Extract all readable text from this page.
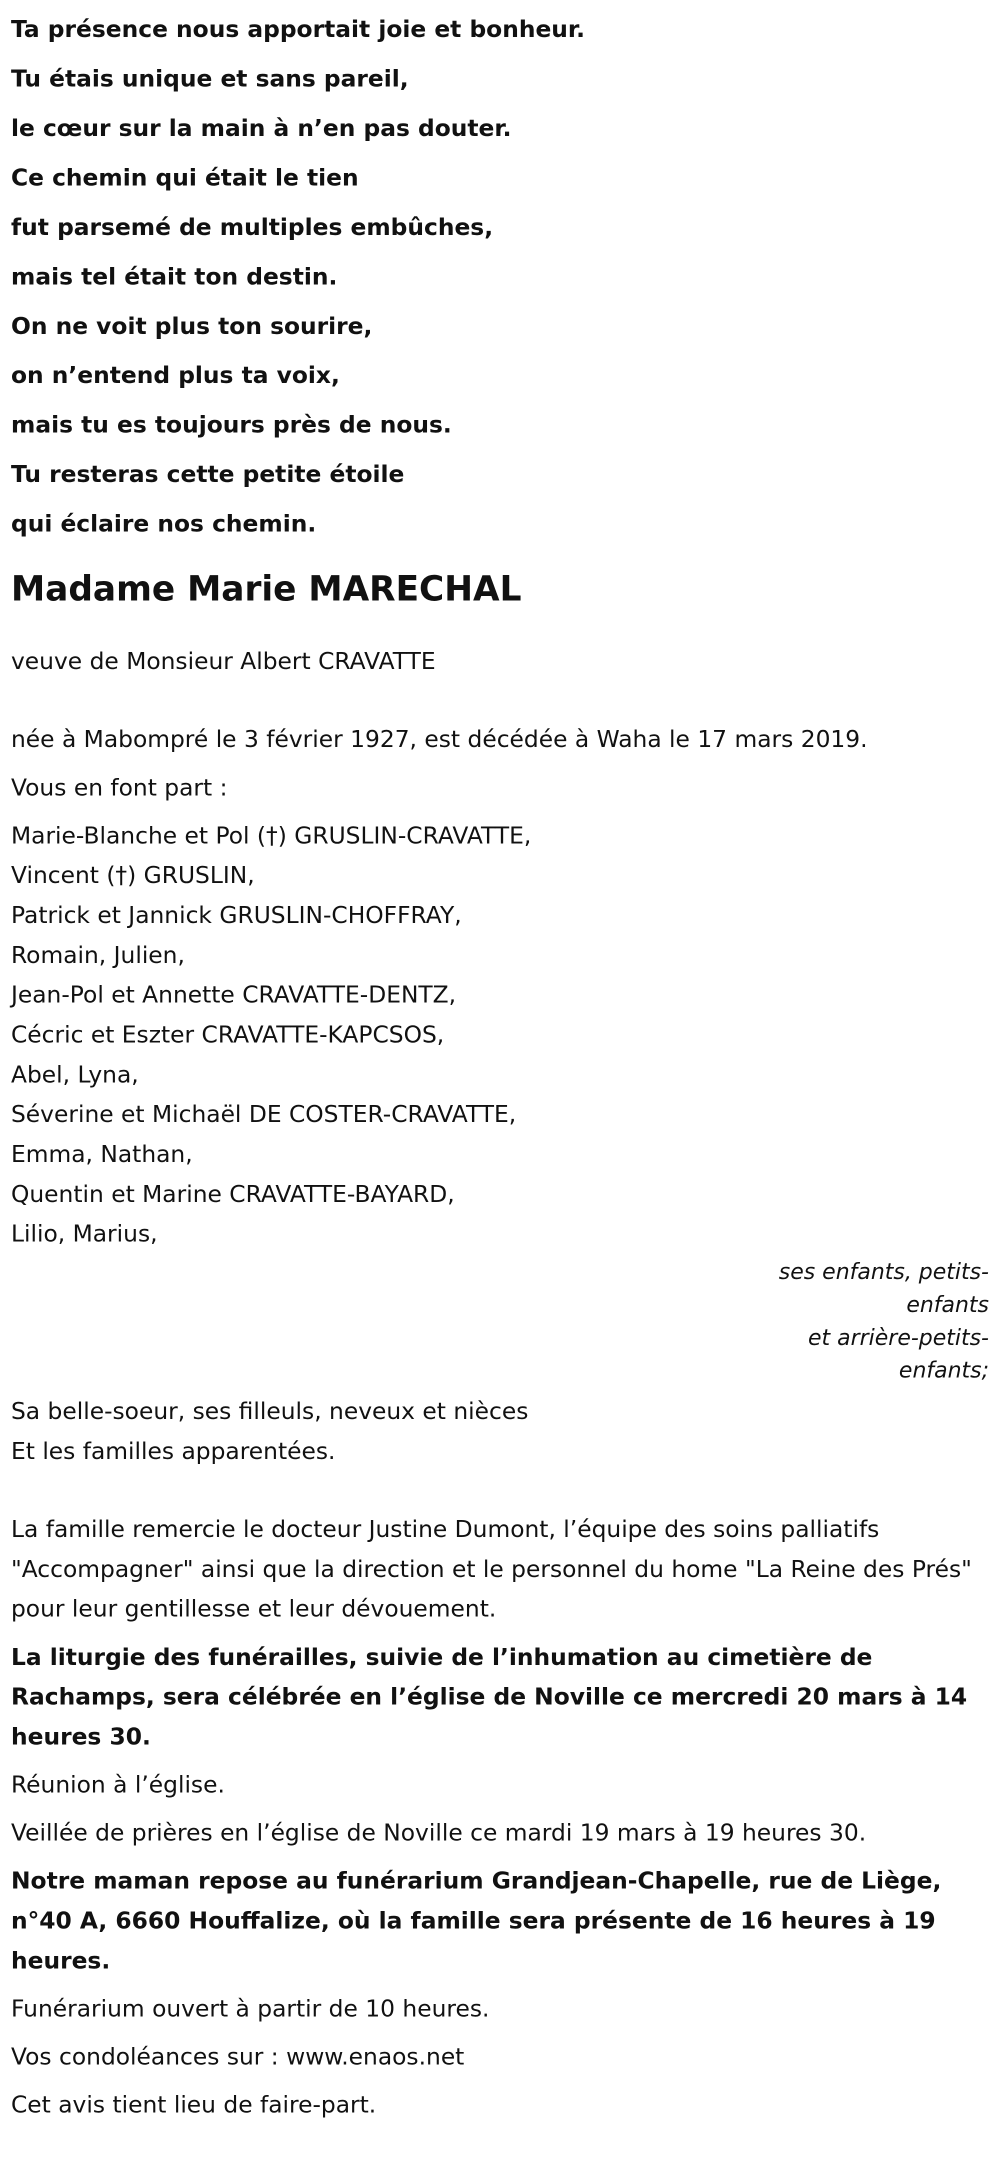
Ta présence nous apportait joie et bonheur.
Tu étais unique et sans pareil,
le cœur sur la main à n’en pas douter.
Ce chemin qui était le tien
fut parsemé de multiples embûches,
mais tel était ton destin.
On ne voit plus ton sourire,
on n’entend plus ta voix,
mais tu es toujours près de nous.
Tu resteras cette petite étoile
qui éclaire nos chemin.
Madame Marie MARECHAL
veuve de Monsieur Albert CRAVATTE
née à Mabompré le 3 février 1927, est décédée à Waha le 17 mars 2019.
Vous en font part :
Marie-Blanche et Pol (†) GRUSLIN-CRAVATTE,
Vincent (†) GRUSLIN,
Patrick et Jannick GRUSLIN-CHOFFRAY,
Romain, Julien,
Jean-Pol et Annette CRAVATTE-DENTZ,
Cécric et Eszter CRAVATTE-KAPCSOS,
Abel, Lyna,
Séverine et Michaël DE COSTER-CRAVATTE,
Emma, Nathan,
Quentin et Marine CRAVATTE-BAYARD,
Lilio, Marius,
ses enfants, petits-enfants
et arrière-petits-enfants;
Sa belle-soeur, ses filleuls, neveux et nièces
Et les familles apparentées.
La famille remercie le docteur Justine Dumont, l’équipe des soins palliatifs "Accompagner" ainsi que la direction et le personnel du home "La Reine des Prés" pour leur gentillesse et leur dévouement.
La liturgie des funérailles, suivie de l’inhumation au cimetière de Rachamps, sera célébrée en l’église de Noville ce mercredi 20 mars à 14 heures 30.
Réunion à l’église.
Veillée de prières en l’église de Noville ce mardi 19 mars à 19 heures 30.
Notre maman repose au funérarium Grandjean-Chapelle, rue de Liège, n°40 A, 6660 Houffalize, où la famille sera présente de 16 heures à 19 heures.
Funérarium ouvert à partir de 10 heures.
Vos condoléances sur : www.enaos.net
Cet avis tient lieu de faire-part.
